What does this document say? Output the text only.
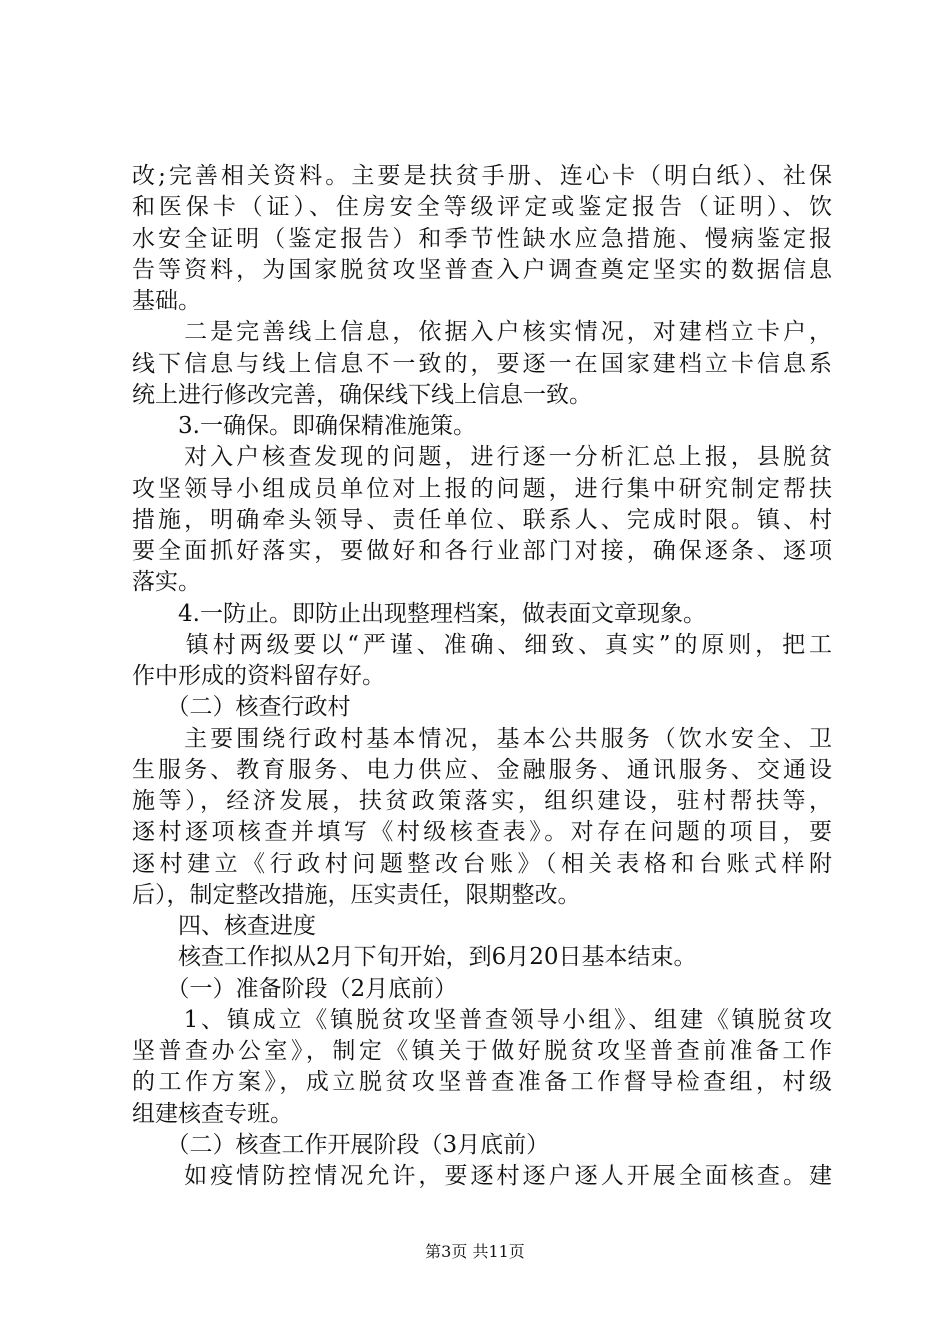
改;完善相关资料。主要是扶贫手册、连心卡（明白纸）、社保
和医保卡（证）、住房安全等级评定或鉴定报告（证明）、饮
水安全证明（鉴定报告）和季节性缺水应急措施、慢病鉴定报
告等资料，为国家脱贫攻坚普查入户调查奠定坚实的数据信息
基础。
　　二是完善线上信息，依据入户核实情况，对建档立卡户，
线下信息与线上信息不一致的，要逐一在国家建档立卡信息系
统上进行修改完善，确保线下线上信息一致。
　　3.一确保。即确保精准施策。
　　对入户核查发现的问题，进行逐一分析汇总上报，县脱贫
攻坚领导小组成员单位对上报的问题，进行集中研究制定帮扶
措施，明确牵头领导、责任单位、联系人、完成时限。镇、村
要全面抓好落实，要做好和各行业部门对接，确保逐条、逐项
落实。
　　4.一防止。即防止出现整理档案，做表面文章现象。
　　镇村两级要以“严谨、准确、细致、真实”的原则，把工
作中形成的资料留存好。
　　（二）核查行政村
　　主要围绕行政村基本情况，基本公共服务（饮水安全、卫
生服务、教育服务、电力供应、金融服务、通讯服务、交通设
施等），经济发展，扶贫政策落实，组织建设，驻村帮扶等，
逐村逐项核查并填写《村级核查表》。对存在问题的项目，要
逐村建立《行政村问题整改台账》（相关表格和台账式样附
后），制定整改措施，压实责任，限期整改。
　　四、核查进度
　　核查工作拟从2月下旬开始，到6月20日基本结束。
　　（一）准备阶段（2月底前）
　　1、镇成立《镇脱贫攻坚普查领导小组》、组建《镇脱贫攻
坚普查办公室》，制定《镇关于做好脱贫攻坚普查前准备工作
的工作方案》，成立脱贫攻坚普查准备工作督导检查组，村级
第3页 共11页
组建核查专班。
　　（二）核查工作开展阶段（3月底前）
　　如疫情防控情况允许，要逐村逐户逐人开展全面核查。建
